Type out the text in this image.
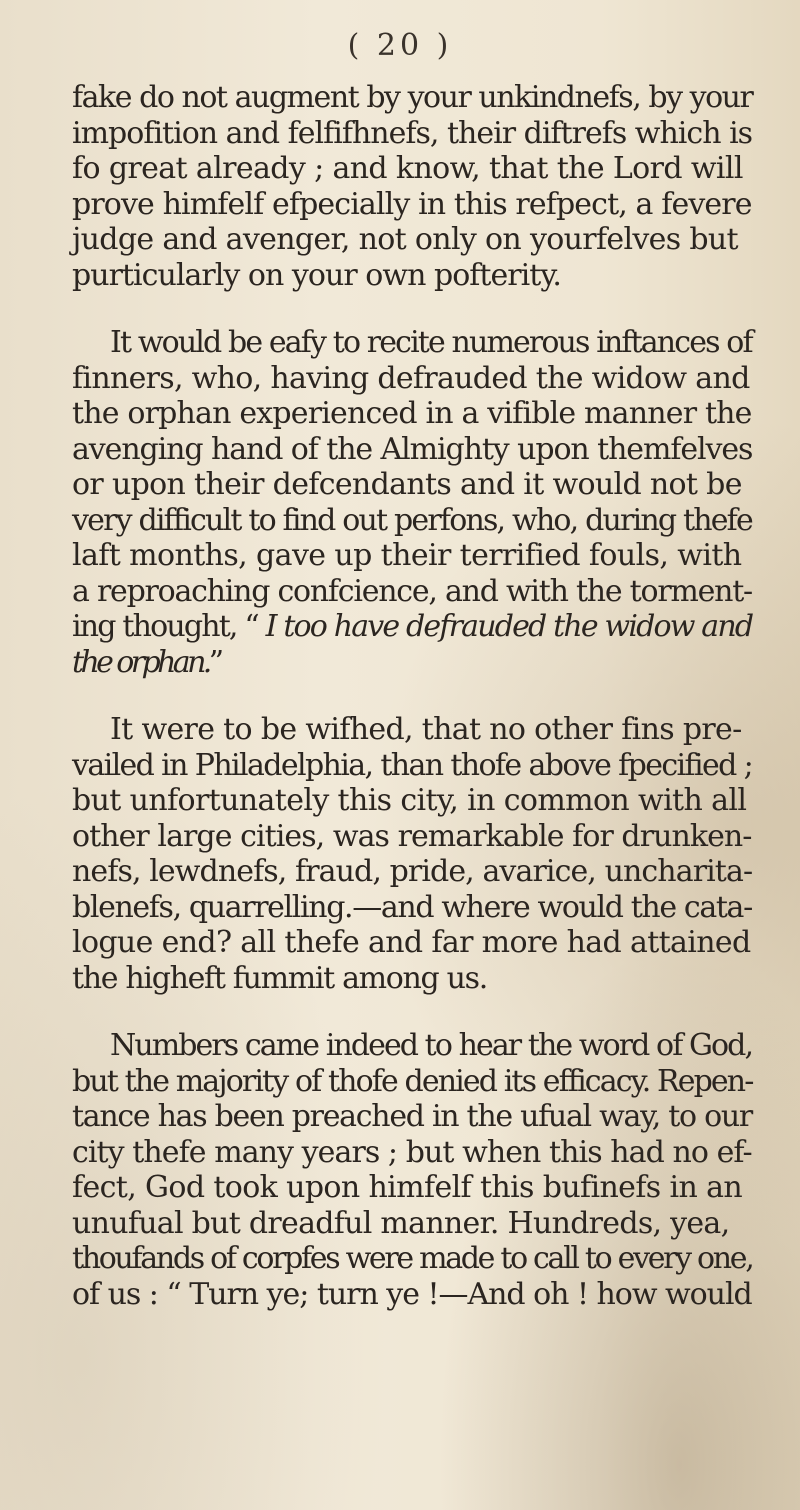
( 20 )
fake do not augment by your unkindnefs, by your
impofition and felfifhnefs, their diftrefs which is
fo great already ; and know, that the Lord will
prove himfelf efpecially in this refpect, a fevere
judge and avenger, not only on yourfelves but
purticularly on your own pofterity.
It would be eafy to recite numerous inftances of
finners, who, having defrauded the widow and
the orphan experienced in a vifible manner the
avenging hand of the Almighty upon themfelves
or upon their defcendants and it would not be
very difficult to find out perfons, who, during thefe
laft months, gave up their terrified fouls, with
a reproaching confcience, and with the torment-
ing thought, “ I too have defrauded the widow and
the orphan.”
It were to be wifhed, that no other fins pre-
vailed in Philadelphia, than thofe above fpecified ;
but unfortunately this city, in common with all
other large cities, was remarkable for drunken-
nefs, lewdnefs, fraud, pride, avarice, uncharita-
blenefs, quarrelling.—and where would the cata-
logue end? all thefe and far more had attained
the higheft fummit among us.
Numbers came indeed to hear the word of God,
but the majority of thofe denied its efficacy. Repen-
tance has been preached in the ufual way, to our
city thefe many years ; but when this had no ef-
fect, God took upon himfelf this bufinefs in an
unufual but dreadful manner. Hundreds, yea,
thoufands of corpfes were made to call to every one,
of us : “ Turn ye; turn ye !—And oh ! how would
